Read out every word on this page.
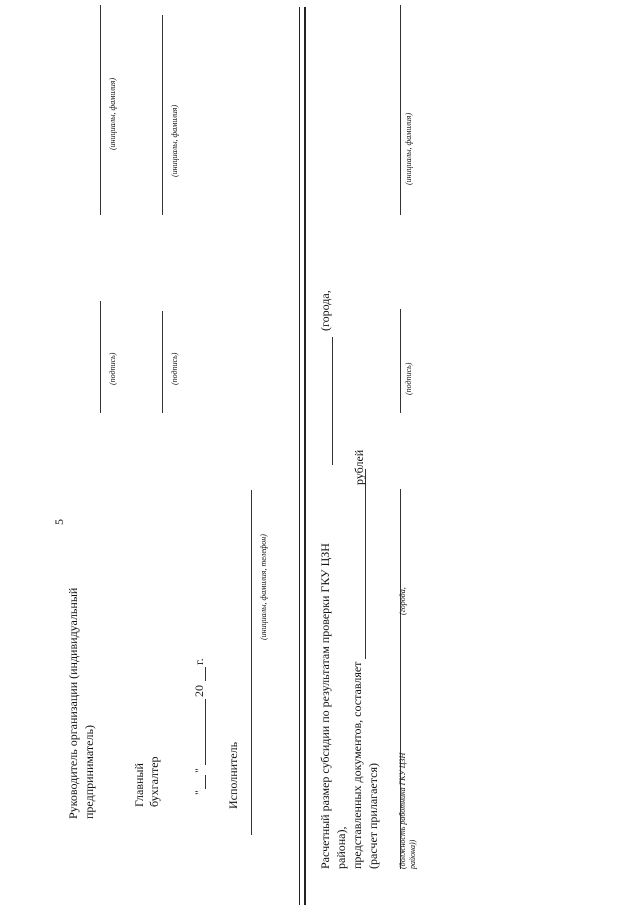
5
Руководитель организации (индивидуальный предприниматель)
(подпись)
(инициалы, фамилия)
Главный бухгалтер
(подпись)
(инициалы, фамилия)
"
"
20
г.
Исполнитель
(инициалы, фамилия, телефон)	Расчетный размер субсидии по результатам проверки ГКУ ЦЗН
(города,
района), представленных документов, составляет
рублей
(расчет прилагается) (должность работника ГКУ ЦЗН
(города,
района))
(подпись)
(инициалы, фамилия)
